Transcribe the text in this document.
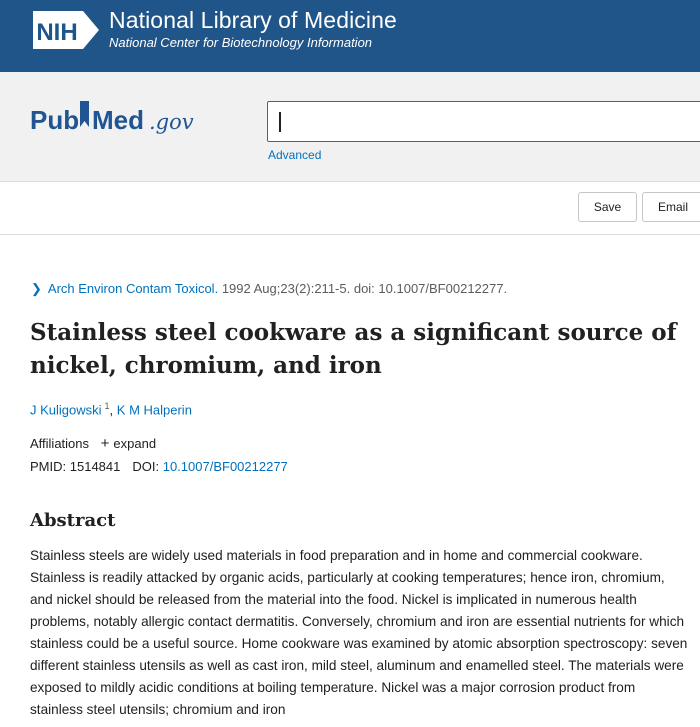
NIH National Library of Medicine
National Center for Biotechnology Information
Pub Med .gov
Advanced
Save	Email
❯ Arch Environ Contam Toxicol. 1992 Aug;23(2):211-5. doi: 10.1007/BF00212277.
Stainless steel cookware as a significant source of nickel, chromium, and iron
J Kuligowski $^1$, K M Halperin
Affiliations + expand
PMID: 1514841 DOI: 10.1007/BF00212277
Abstract

Stainless steels are widely used materials in food preparation and in home and commercial cookware. Stainless is readily attacked by organic acids, particularly at cooking temperatures; hence iron, chromium, and nickel should be released from the material into the food. Nickel is implicated in numerous health problems, notably allergic contact dermatitis. Conversely, chromium and iron are essential nutrients for which stainless could be a useful source. Home cookware was examined by atomic absorption spectroscopy: seven different stainless utensils as well as cast iron, mild steel, aluminum and enamelled steel. The materials were exposed to mildly acidic conditions at boiling temperature. Nickel was a major corrosion product from stainless steel utensils; chromium and iron
